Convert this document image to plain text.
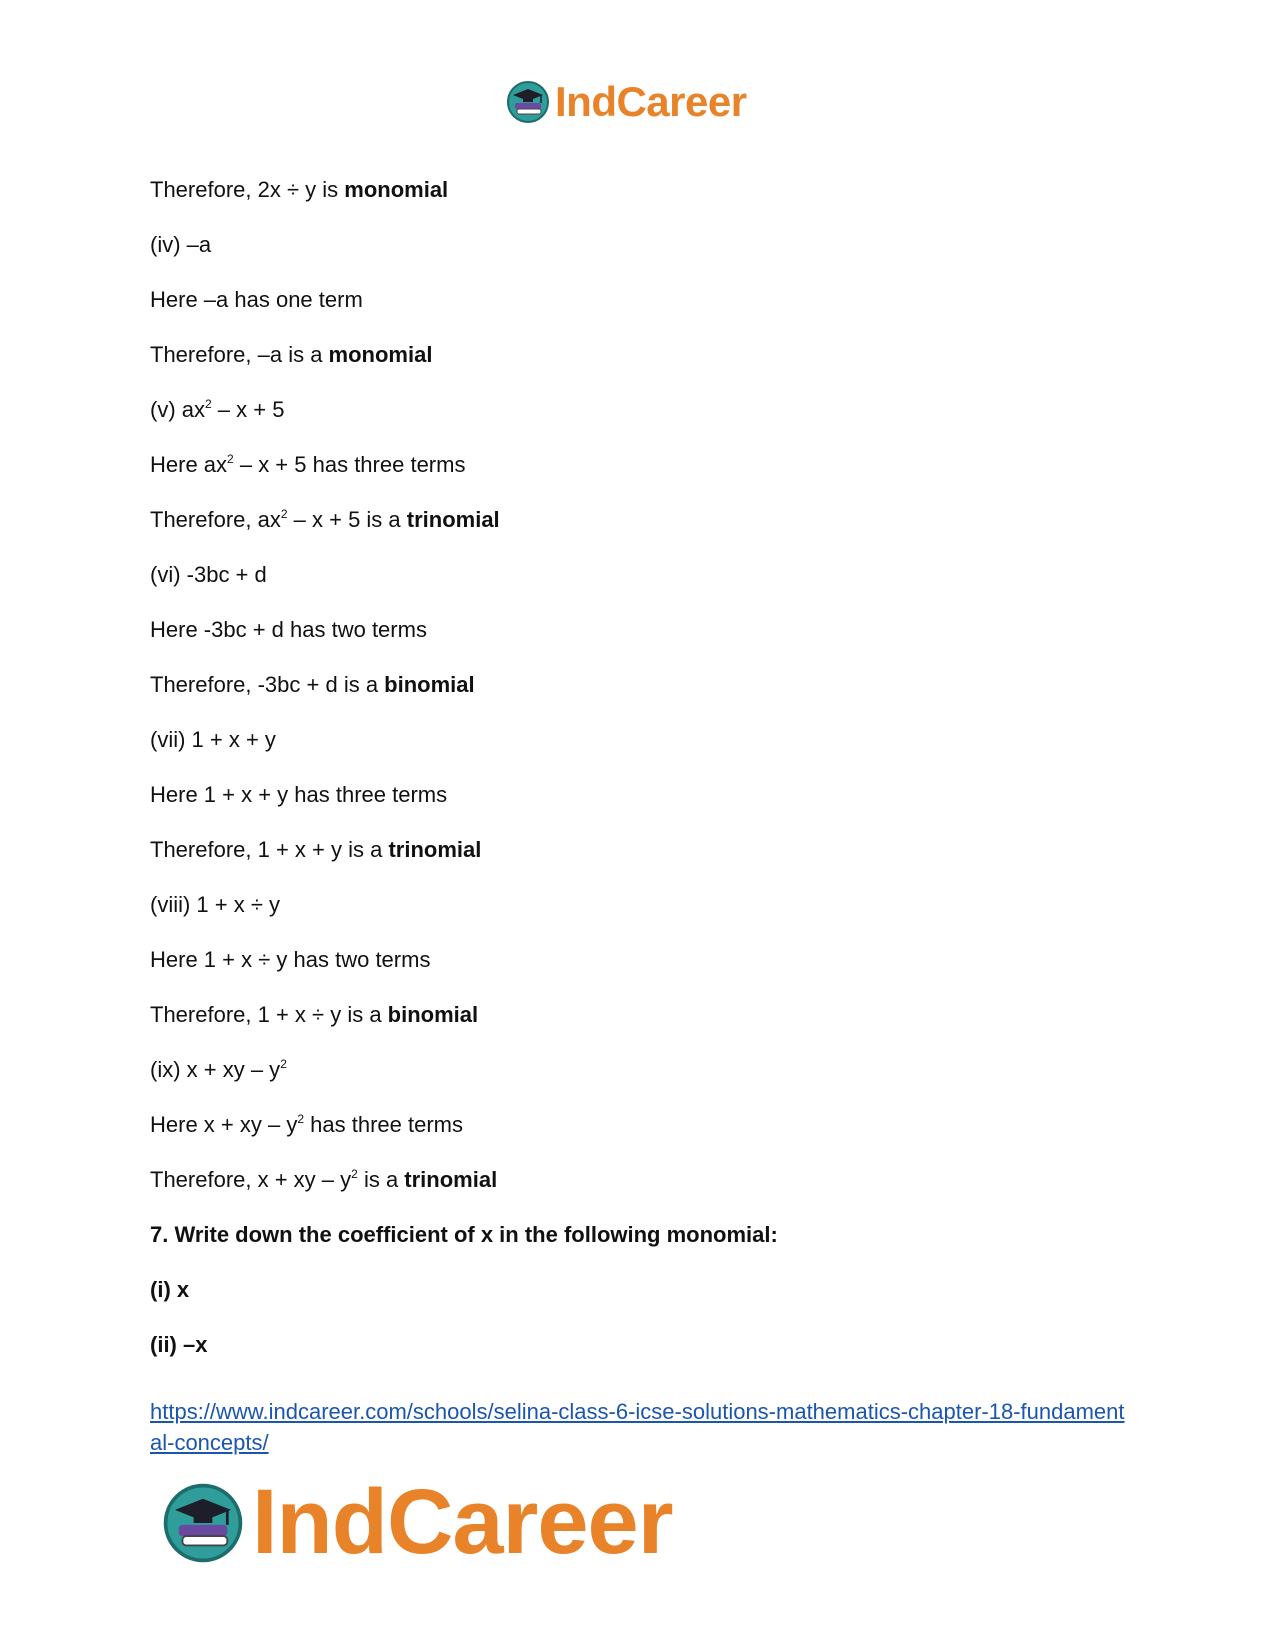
IndCareer
Therefore, 2x ÷ y is monomial
(iv) –a
Here –a has one term
Therefore, –a is a monomial
(v) $ax^2 - x + 5$
Here $ax^2 - x + 5$ has three terms
Therefore, $ax^2 - x + 5$ is a trinomial
(vi) -3bc + d
Here -3bc + d has two terms
Therefore, -3bc + d is a binomial
(vii) 1 + x + y
Here 1 + x + y has three terms
Therefore, 1 + x + y is a trinomial
(viii) 1 + x ÷ y
Here 1 + x ÷ y has two terms
Therefore, 1 + x ÷ y is a binomial
(ix) x + xy – $y^2$
Here x + xy – $y^2$ has three terms
Therefore, x + xy – $y^2$ is a trinomial
7. Write down the coefficient of x in the following monomial:
(i) x
(ii) –x
https://www.indcareer.com/schools/selina-class-6-icse-solutions-mathematics-chapter-18-fundamental-concepts/
IndCareer
